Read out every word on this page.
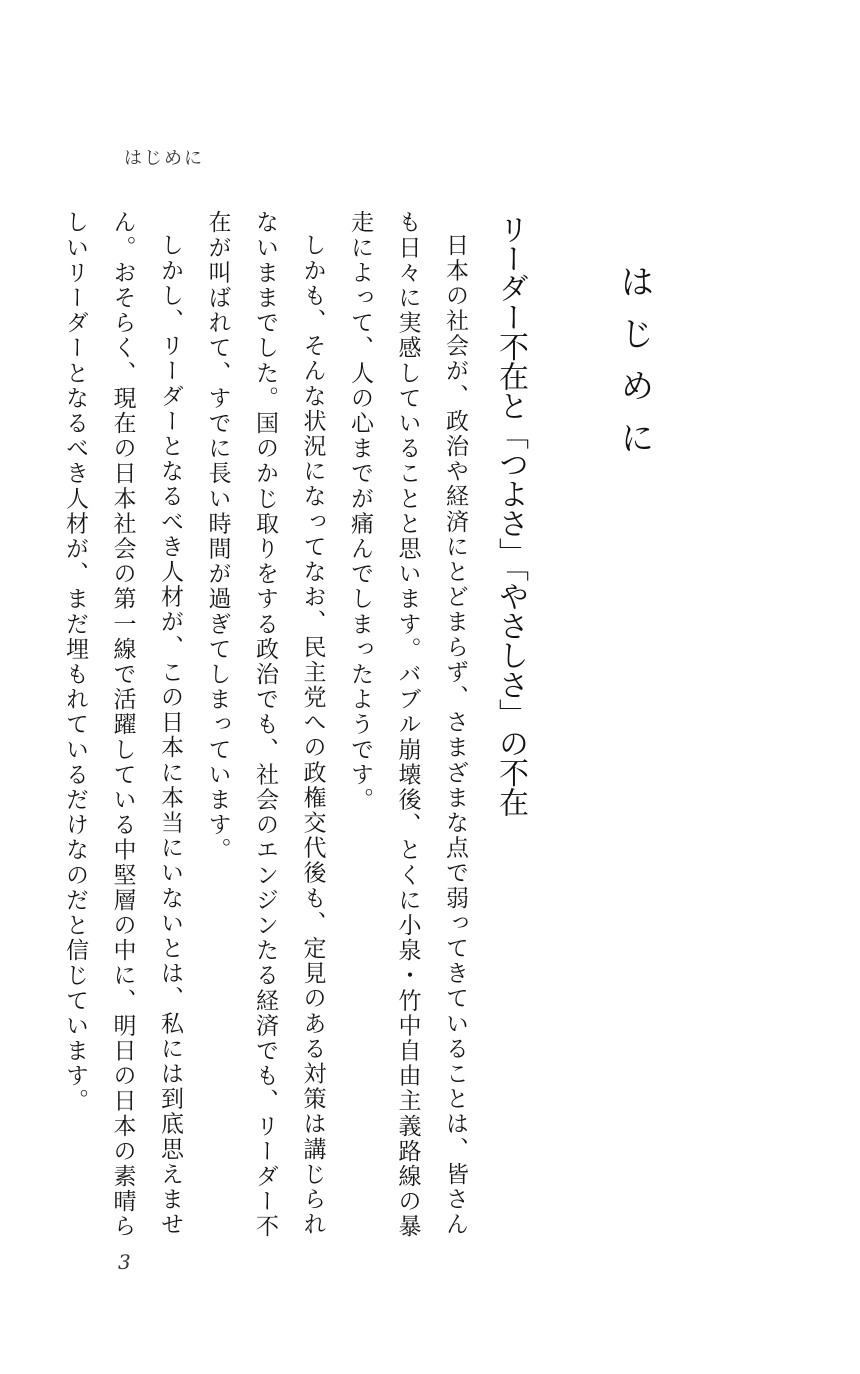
はじめに
はじめに
リーダー不在と「つよさ」「やさしさ」の不在

日本の社会が、政治や経済にとどまらず、さまざまな点で弱ってきていることは、皆さんも日々に実感していることと思います。バブル崩壊後、とくに小泉・竹中自由主義路線の暴走によって、人の心までが痛んでしまったようです。

しかも、そんな状況になってなお、民主党への政権交代後も、定見のある対策は講じられないままでした。国のかじ取りをする政治でも、社会のエンジンたる経済でも、リーダー不在が叫ばれて、すでに長い時間が過ぎてしまっています。

しかし、リーダーとなるべき人材が、この日本に本当にいないとは、私には到底思えません。おそらく、現在の日本社会の第一線で活躍している中堅層の中に、明日の日本の素晴らしいリーダーとなるべき人材が、まだ埋もれているだけなのだと信じています。

3
